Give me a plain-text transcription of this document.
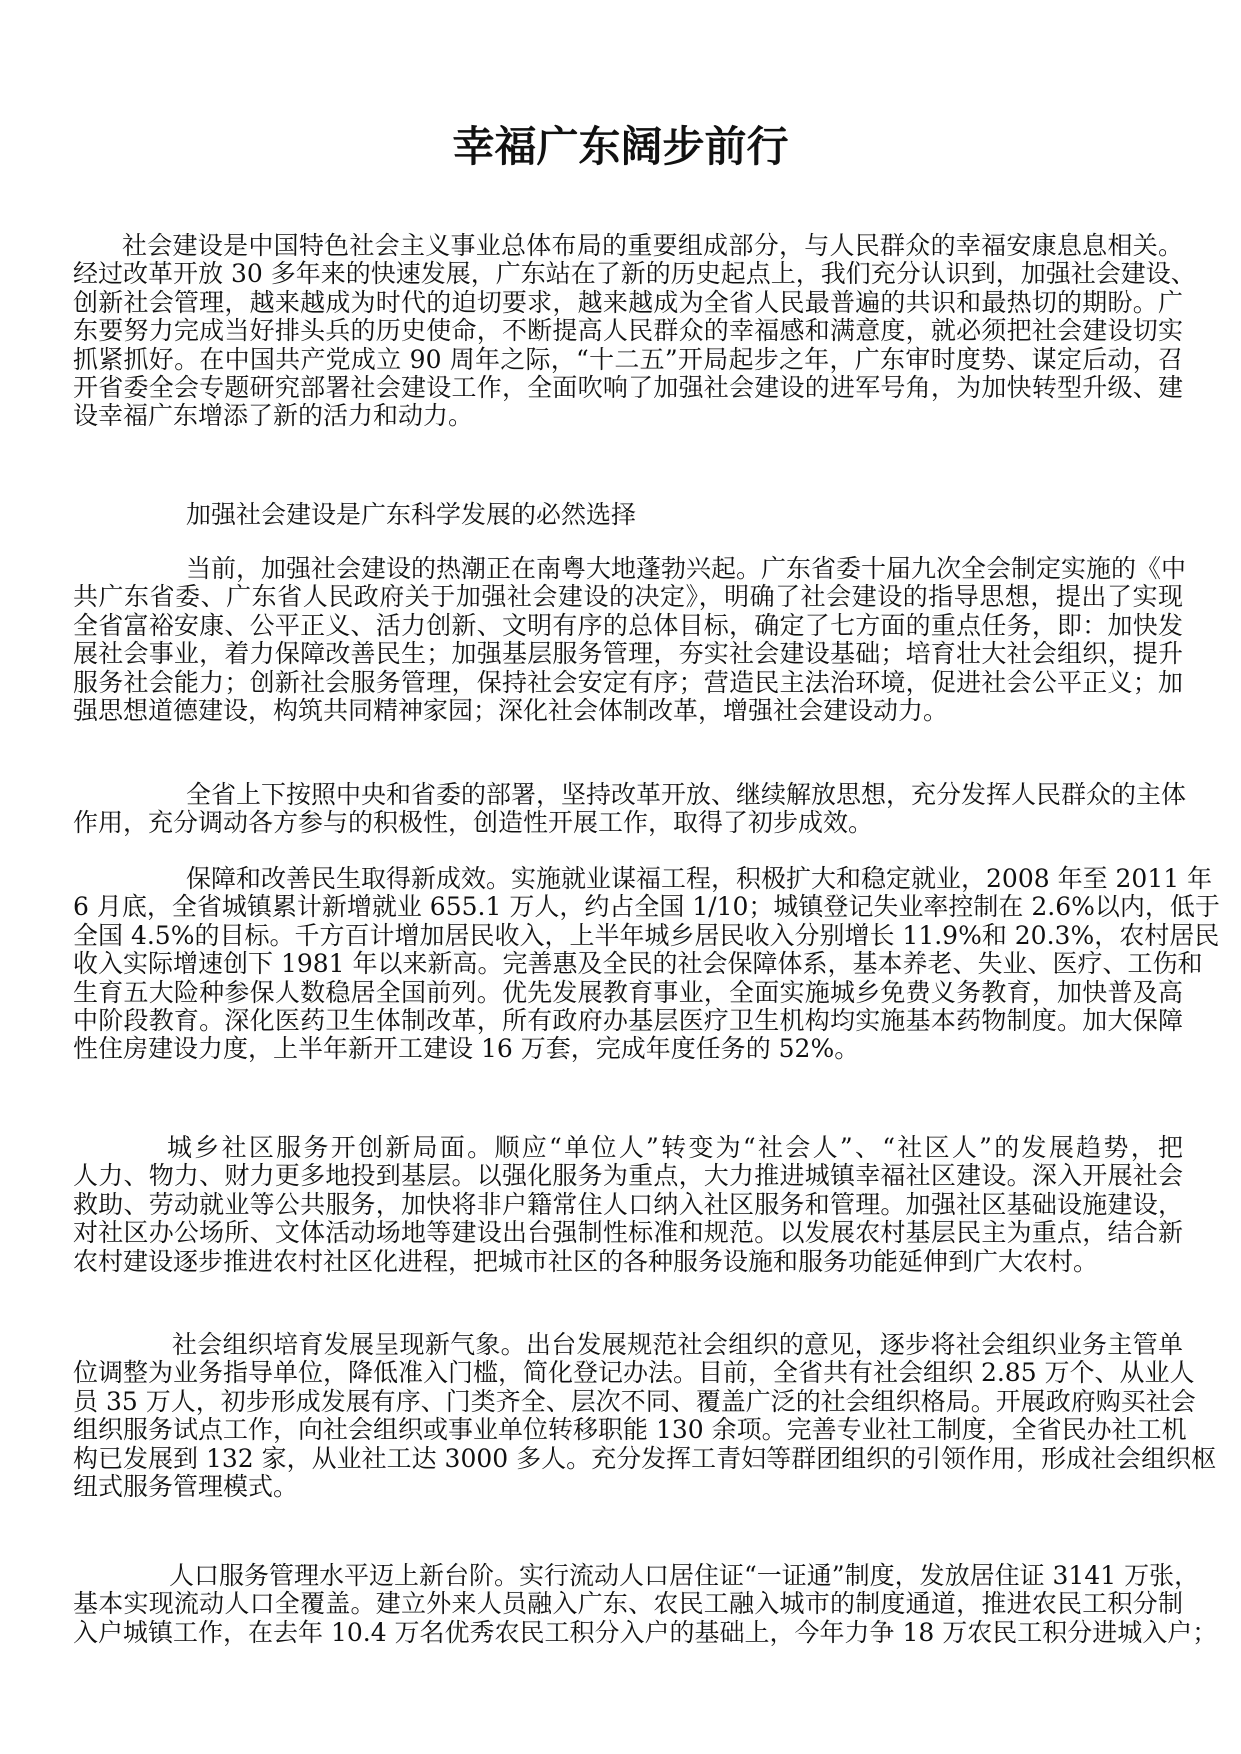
幸福广东阔步前行
社会建设是中国特色社会主义事业总体布局的重要组成部分，与人民群众的幸福安康息息相关。
经过改革开放 30 多年来的快速发展，广东站在了新的历史起点上，我们充分认识到，加强社会建设、
创新社会管理，越来越成为时代的迫切要求，越来越成为全省人民最普遍的共识和最热切的期盼。广
东要努力完成当好排头兵的历史使命，不断提高人民群众的幸福感和满意度，就必须把社会建设切实
抓紧抓好。在中国共产党成立 90 周年之际，“十二五”开局起步之年，广东审时度势、谋定后动，召
开省委全会专题研究部署社会建设工作，全面吹响了加强社会建设的进军号角，为加快转型升级、建
设幸福广东增添了新的活力和动力。
加强社会建设是广东科学发展的必然选择
当前，加强社会建设的热潮正在南粤大地蓬勃兴起。广东省委十届九次全会制定实施的《中
共广东省委、广东省人民政府关于加强社会建设的决定》，明确了社会建设的指导思想，提出了实现
全省富裕安康、公平正义、活力创新、文明有序的总体目标，确定了七方面的重点任务，即：加快发
展社会事业，着力保障改善民生；加强基层服务管理，夯实社会建设基础；培育壮大社会组织，提升
服务社会能力；创新社会服务管理，保持社会安定有序；营造民主法治环境，促进社会公平正义；加
强思想道德建设，构筑共同精神家园；深化社会体制改革，增强社会建设动力。
全省上下按照中央和省委的部署，坚持改革开放、继续解放思想，充分发挥人民群众的主体
作用，充分调动各方参与的积极性，创造性开展工作，取得了初步成效。
保障和改善民生取得新成效。实施就业谋福工程，积极扩大和稳定就业，2008 年至 2011 年
6 月底，全省城镇累计新增就业 655.1 万人，约占全国 1/10；城镇登记失业率控制在 2.6%以内，低于
全国 4.5%的目标。千方百计增加居民收入，上半年城乡居民收入分别增长 11.9%和 20.3%，农村居民
收入实际增速创下 1981 年以来新高。完善惠及全民的社会保障体系，基本养老、失业、医疗、工伤和
生育五大险种参保人数稳居全国前列。优先发展教育事业，全面实施城乡免费义务教育，加快普及高
中阶段教育。深化医药卫生体制改革，所有政府办基层医疗卫生机构均实施基本药物制度。加大保障
性住房建设力度，上半年新开工建设 16 万套，完成年度任务的 52%。
城乡社区服务开创新局面。顺应“单位人”转变为“社会人”、“社区人”的发展趋势，把
人力、物力、财力更多地投到基层。以强化服务为重点，大力推进城镇幸福社区建设。深入开展社会
救助、劳动就业等公共服务，加快将非户籍常住人口纳入社区服务和管理。加强社区基础设施建设，
对社区办公场所、文体活动场地等建设出台强制性标准和规范。以发展农村基层民主为重点，结合新
农村建设逐步推进农村社区化进程，把城市社区的各种服务设施和服务功能延伸到广大农村。
社会组织培育发展呈现新气象。出台发展规范社会组织的意见，逐步将社会组织业务主管单
位调整为业务指导单位，降低准入门槛，简化登记办法。目前，全省共有社会组织 2.85 万个、从业人
员 35 万人，初步形成发展有序、门类齐全、层次不同、覆盖广泛的社会组织格局。开展政府购买社会
组织服务试点工作，向社会组织或事业单位转移职能 130 余项。完善专业社工制度，全省民办社工机
构已发展到 132 家，从业社工达 3000 多人。充分发挥工青妇等群团组织的引领作用，形成社会组织枢
纽式服务管理模式。
人口服务管理水平迈上新台阶。实行流动人口居住证“一证通”制度，发放居住证 3141 万张，
基本实现流动人口全覆盖。建立外来人员融入广东、农民工融入城市的制度通道，推进农民工积分制
入户城镇工作，在去年 10.4 万名优秀农民工积分入户的基础上，今年力争 18 万农民工积分进城入户；
